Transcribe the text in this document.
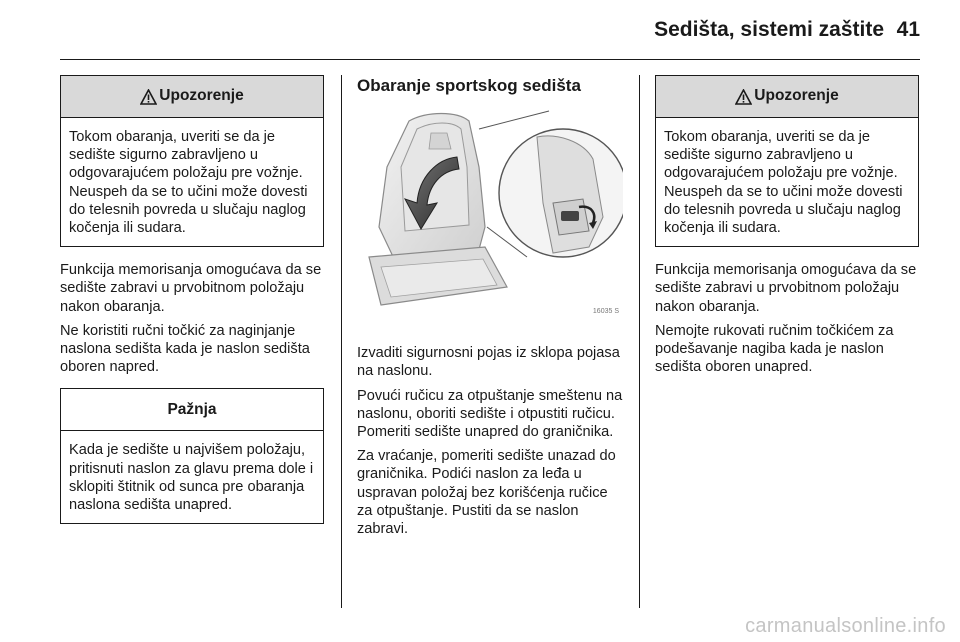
Sedišta, sistemi zaštite 41
Upozorenje
Tokom obaranja, uveriti se da je sedište sigurno zabravljeno u odgovarajućem položaju pre vožnje. Neuspeh da se to učini može dovesti do telesnih povreda u slučaju naglog kočenja ili sudara.

Funkcija memorisanja omogućava da se sedište zabravi u prvobitnom položaju nakon obaranja.

Ne koristiti ručni točkić za naginjanje naslona sedišta kada je naslon sedišta oboren napred.

Pažnja
Kada je sedište u najvišem položaju, pritisnuti naslon za glavu prema dole i sklopiti štitnik od sunca pre obaranja naslona sedišta unapred.
Obaranje sportskog sedišta
16035 S

Izvaditi sigurnosni pojas iz sklopa pojasa na naslonu.

Povući ručicu za otpuštanje smeštenu na naslonu, oboriti sedište i otpustiti ručicu. Pomeriti sedište unapred do graničnika.

Za vraćanje, pomeriti sedište unazad do graničnika. Podići naslon za leđa u uspravan položaj bez korišćenja ručice za otpuštanje. Pustiti da se naslon zabravi.

Upozorenje
Tokom obaranja, uveriti se da je sedište sigurno zabravljeno u odgovarajućem položaju pre vožnje. Neuspeh da se to učini može dovesti do telesnih povreda u slučaju naglog kočenja ili sudara.

Funkcija memorisanja omogućava da se sedište zabravi u prvobitnom položaju nakon obaranja.

Nemojte rukovati ručnim točkićem za podešavanje nagiba kada je naslon sedišta oboren unapred.

carmanualsonline.info
